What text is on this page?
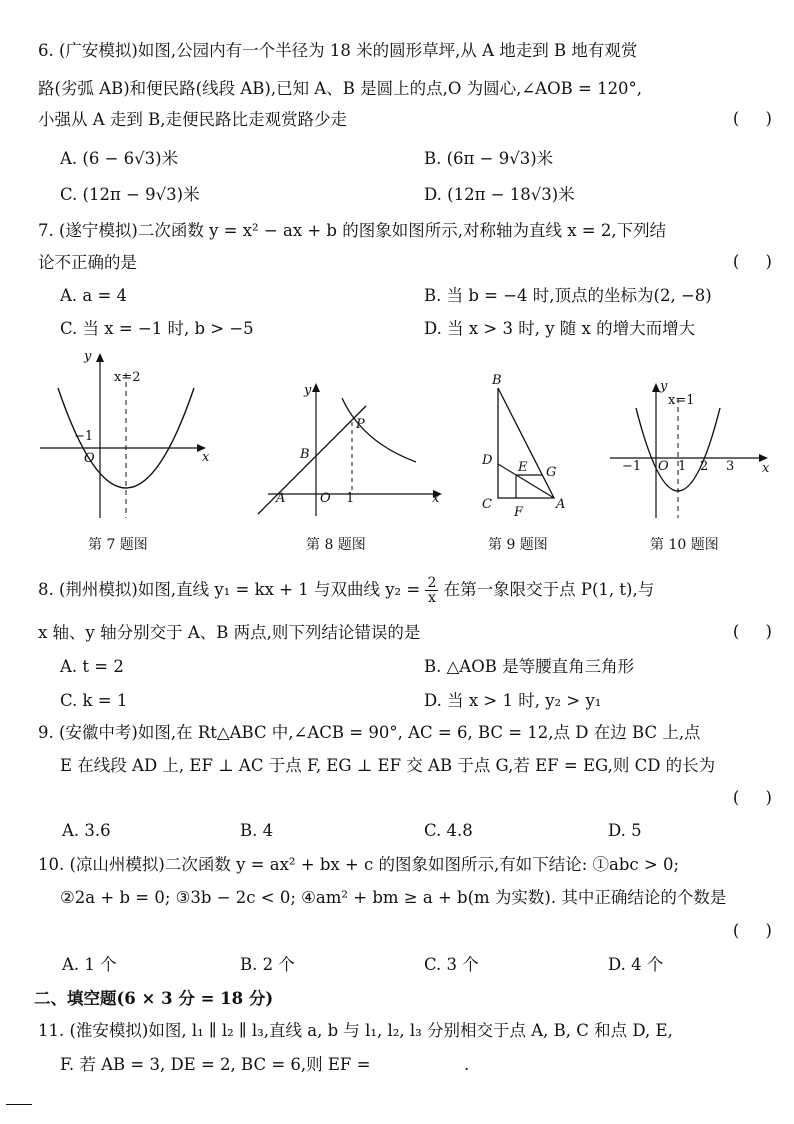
6. (广安模拟)如图,公园内有一个半径为 18 米的圆形草坪,从 A 地走到 B 地有观赏
路(劣弧 AB)和便民路(线段 AB),已知 A、B 是圆上的点,O 为圆心,∠AOB = 120°,
小强从 A 走到 B,走便民路比走观赏路少走	(     )
A. (6 − 6√3)米	B. (6π − 9√3)米
C. (12π − 9√3)米	D. (12π − 18√3)米
7. (遂宁模拟)二次函数 y = x² − ax + b 的图象如图所示,对称轴为直线 x = 2,下列结
论不正确的是	(     )
A. a = 4	B. 当 b = −4 时,顶点的坐标为(2, −8)
C. 当 x = −1 时, b > −5	D. 当 x > 3 时, y 随 x 的增大而增大
y
x
O
x=2
−1
第 7 题图
y
x
O
A
B
P
1
第 8 题图
B
D E G
C
F
A
第 9 题图
y
x
O
x=1
−1	1 2 3
第 10 题图
8. (荆州模拟)如图,直线 y₁ = kx + 1 与双曲线 $y_2 = \frac{2}{x}$ 在第一象限交于点 P(1, t),与
x 轴、y 轴分别交于 A、B 两点,则下列结论错误的是	(     )
A. t = 2	B. △AOB 是等腰直角三角形
C. k = 1	D. 当 x > 1 时, y₂ > y₁
9. (安徽中考)如图,在 Rt△ABC 中,∠ACB = 90°, AC = 6, BC = 12,点 D 在边 BC 上,点
E 在线段 AD 上, EF ⊥ AC 于点 F, EG ⊥ EF 交 AB 于点 G,若 EF = EG,则 CD 的长为
(     )
A. 3.6	B. 4	C. 4.8	D. 5
10. (凉山州模拟)二次函数 y = ax² + bx + c 的图象如图所示,有如下结论: ①abc > 0;
②2a + b = 0; ③3b − 2c < 0; ④am² + bm ≥ a + b(m 为实数). 其中正确结论的个数是
(     )
A. 1 个	B. 2 个	C. 3 个	D. 4 个
二、填空题(6 × 3 分 = 18 分)
11. (淮安模拟)如图, l₁ ∥ l₂ ∥ l₃,直线 a, b 与 l₁, l₂, l₃ 分别相交于点 A, B, C 和点 D, E,
F. 若 AB = 3, DE = 2, BC = 6,则 EF =	.
